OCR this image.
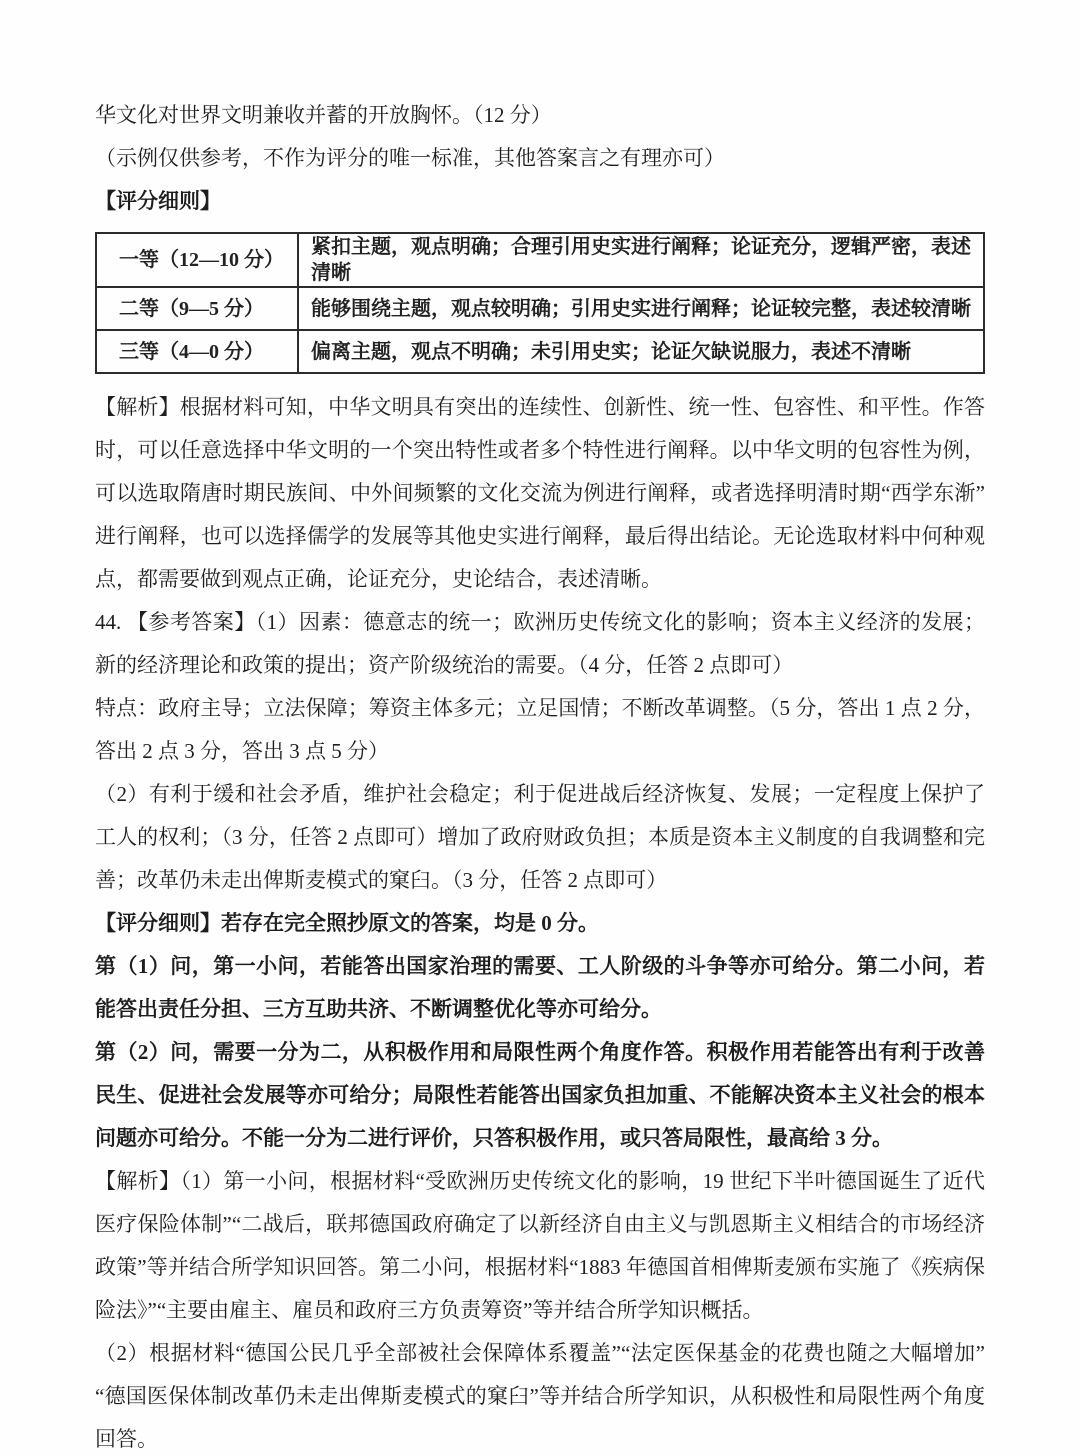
华文化对世界文明兼收并蓄的开放胸怀。（12 分）

（示例仅供参考，不作为评分的唯一标准，其他答案言之有理亦可）

【评分细则】

一等（12—10 分）	紧扣主题，观点明确；合理引用史实进行阐释；论证充分，逻辑严密，表述清晰
二等（9—5 分）	能够围绕主题，观点较明确；引用史实进行阐释；论证较完整，表述较清晰
三等（4—0 分）	偏离主题，观点不明确；未引用史实；论证欠缺说服力，表述不清晰

【解析】根据材料可知，中华文明具有突出的连续性、创新性、统一性、包容性、和平性。作答时，可以任意选择中华文明的一个突出特性或者多个特性进行阐释。以中华文明的包容性为例，可以选取隋唐时期民族间、中外间频繁的文化交流为例进行阐释，或者选择明清时期“西学东渐”进行阐释，也可以选择儒学的发展等其他史实进行阐释，最后得出结论。无论选取材料中何种观点，都需要做到观点正确，论证充分，史论结合，表述清晰。

44. 【参考答案】（1）因素：德意志的统一；欧洲历史传统文化的影响；资本主义经济的发展；新的经济理论和政策的提出；资产阶级统治的需要。（4 分，任答 2 点即可）

特点：政府主导；立法保障；筹资主体多元；立足国情；不断改革调整。（5 分，答出 1 点 2 分，答出 2 点 3 分，答出 3 点 5 分）

（2）有利于缓和社会矛盾，维护社会稳定；利于促进战后经济恢复、发展；一定程度上保护了工人的权利；（3 分，任答 2 点即可）增加了政府财政负担；本质是资本主义制度的自我调整和完善；改革仍未走出俾斯麦模式的窠臼。（3 分，任答 2 点即可）

【评分细则】若存在完全照抄原文的答案，均是 0 分。

第（1）问，第一小问，若能答出国家治理的需要、工人阶级的斗争等亦可给分。第二小问，若能答出责任分担、三方互助共济、不断调整优化等亦可给分。

第（2）问，需要一分为二，从积极作用和局限性两个角度作答。积极作用若能答出有利于改善民生、促进社会发展等亦可给分；局限性若能答出国家负担加重、不能解决资本主义社会的根本问题亦可给分。不能一分为二进行评价，只答积极作用，或只答局限性，最高给 3 分。

【解析】（1）第一小问，根据材料“受欧洲历史传统文化的影响，19 世纪下半叶德国诞生了近代医疗保险体制”“二战后，联邦德国政府确定了以新经济自由主义与凯恩斯主义相结合的市场经济政策”等并结合所学知识回答。第二小问，根据材料“1883 年德国首相俾斯麦颁布实施了《疾病保险法》”“主要由雇主、雇员和政府三方负责筹资”等并结合所学知识概括。

（2）根据材料“德国公民几乎全部被社会保障体系覆盖”“法定医保基金的花费也随之大幅增加”“德国医保体制改革仍未走出俾斯麦模式的窠臼”等并结合所学知识，从积极性和局限性两个角度回答。
